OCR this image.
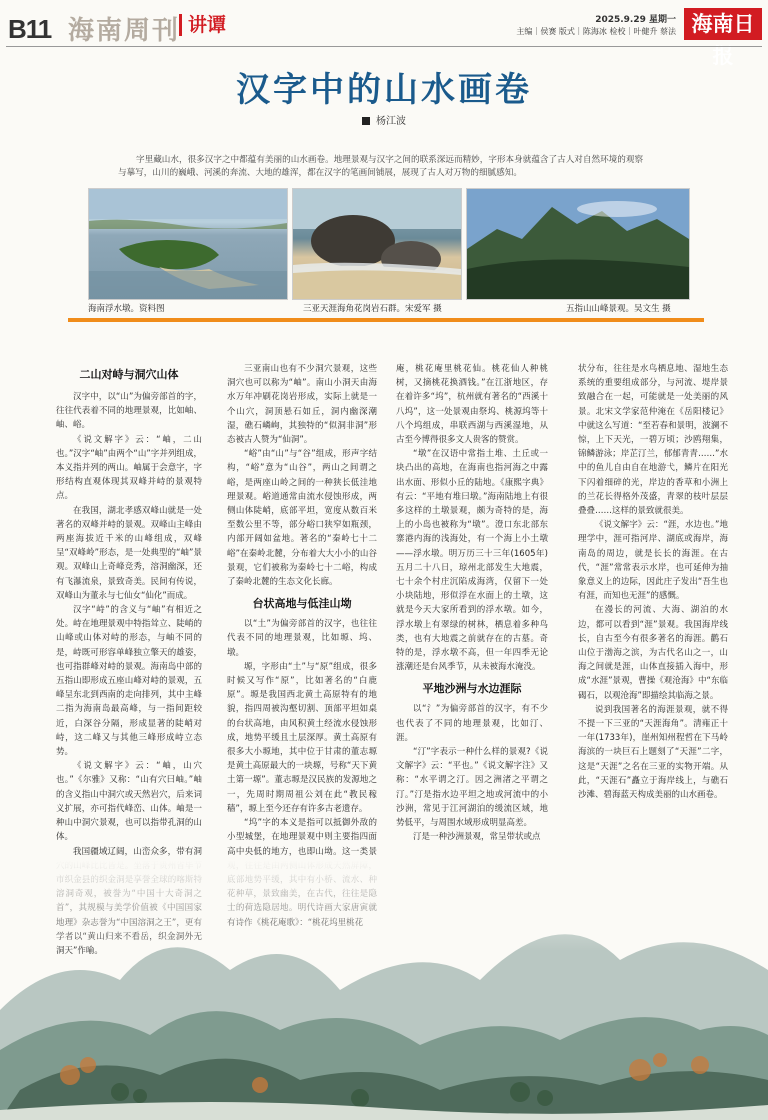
B11 海南周刊 讲谭	2025.9.29 星期一
主编｜侯赛 版式｜陈海冰 检校｜叶健升 蔡法 海南日报
汉字中的山水画卷
杨江波
字里藏山水，很多汉字之中都蕴有美丽的山水画卷。地理景观与汉字之间的联系深远而精妙，字形本身就蕴含了古人对自然环境的观察与摹写，山川的巍峨、河溪的奔流、大地的雄浑，都在汉字的笔画间铺展，展现了古人对万物的细腻感知。
海南浮水墩。资料图	三亚天涯海角花岗岩石群。宋爱军 摄	五指山山峰景观。吴文生 摄
二山对峙与洞穴山体

汉字中，以“山”为偏旁部首的字，往往代表着不同的地理景观，比如岫、岫、峪。

《说文解字》云：“岫，二山也。”汉字“岫”由两个“山”字并列组成，本义指并列的两山。岫属于会意字，字形结构直观体现其双峰并峙的景观特点。

在我国，湖北孝感双峰山就是一处著名的双峰并峙的景观。双峰山主峰由两座海拔近千米的山峰组成，双峰呈“双峰岭”形态，是一处典型的“岫”景观。双峰山上奇峰竞秀，溶洞幽深，还有飞瀑流泉，景致奇美。民间有传说，双峰山为董永与七仙女“仙化”而成。

汉字“峙”的含义与“岫”有相近之处。峙在地理景观中特指耸立、陡峭的山峰或山体对峙的形态，与岫不同的是，峙既可形容单峰独立擎天的雄姿，也可指群峰对峙的景观。海南岛中部的五指山即形成五座山峰对峙的景观，五峰呈东北到西南的走向排列，其中主峰二指为海南岛最高峰，与一指间距较近，白深谷分隔，形成显著的陡峭对峙，这二峰又与其他三峰形成峙立态势。

《说文解字》云：“岫，山穴也。”《尔雅》又称：“山有穴曰岫。”岫的含义指山中洞穴或天然岩穴，后来词义扩展，亦可指代峰峦、山体。岫是一种山中洞穴景观，也可以指带孔洞的山体。

我国疆域辽阔，山峦众多，带有洞

三亚南山也有不少洞穴景观，这些洞穴也可以称为“岫”。南山小洞天由海水万年冲刷花岗岩形成，实际上就是一个山穴，洞顶悬石如丘，洞内幽深潮湿，礁石嶙峋，其独特的“似洞非洞”形态被古人赞为“仙洞”。

“峪”由“山”与“谷”组成，形声字结构，“峪”意为“山谷”，两山之间谓之峪，是两座山岭之间的一种狭长低洼地理景观。峪道通常由流水侵蚀形成，两侧山体陡峭，底部平坦，宽度从数百米至数公里不等，部分峪口狭窄如瓶颈，内部开阔如盆地。著名的“秦岭七十二峪”在秦岭北麓，分布着大大小小的山谷景观，它们被称为秦岭七十二峪，构成了秦岭北麓的生态文化长廊。

台状高地与低洼山坳

以“土”为偏旁部首的汉字，也往往代表不同的地理景观，比如塬、坞、墩。

塬，字形由“土”与“原”组成，很多时候又写作“原”，比如著名的“白鹿原”。塬是我国西北黄土高原特有的地貌，指四周被沟壑切割、顶部平坦如桌的台状高地，由风积黄土经流水侵蚀形成，地势平缓且土层深厚。黄土高原有很多大小塬地，其中位于甘肃的董志塬是黄土高原最大的一块塬，号称“天下黄土第一塬”。董志塬是汉民族的发源地之一，先周时期周祖公刘在此“教民稼穑”，塬上至今还存有许多古老遗存。

“坞”字的本义是指可以抵御外敌的小型城堡，在地理景观中则主要指四面高中央低的地方，也即山坳。这一类景

庵，桃花庵里桃花仙。桃花仙人种桃树，又摘桃花换酒钱。”在江浙地区，存在着许多“坞”，杭州就有著名的“西溪十八坞”，这一处景观由祭坞、桃源坞等十八个坞组成，串联西湖与西溪湿地，从古至今博得很多文人贵客的赞赏。

“墩”在汉语中常指土堆、土丘或一块凸出的高地，在海南也指河海之中露出水面、形似小丘的陆地。《康熙字典》有云：“平地有堆曰墩。”海南陆地上有很多这样的土墩景观，颇为奇特的是，海上的小岛也被称为“墩”。澄口东北部东寨港内海的浅海处，有一个海上小土墩——浮水墩。明万历三十三年(1605年)五月二十八日，琼州北部发生大地震，七十余个村庄沉陷成海湾，仅留下一处小块陆地，形似浮在水面上的土墩，这就是今天大家所看到的浮水墩。如今，浮水墩上有翠绿的树林，栖息着多种鸟类，也有大地震之前就存在的古墓。奇特的是，浮水墩不高，但一年四季无论涨潮还是台风季节，从未被海水淹没。

平地沙洲与水边涯际

以“氵”为偏旁部首的汉字，有不少也代表了不同的地理景观，比如汀、涯。

“汀”字表示一种什么样的景观?《说文解字》云：“平也。”《说文解字注》又称：“水平谓之汀。因之洲渚之平谓之汀。”汀是指水边平坦之地或河流中的小沙洲，常见于江河湖泊的缓流区域，地势低平，与周围水域形成明显高差。

汀是一种沙洲景观，常呈带状或点

状分布，往往是水鸟栖息地、湿地生态系统的重要组成部分，与河流、堤岸景致融合在一起，可能就是一处美丽的风景。北宋文学家范仲淹在《岳阳楼记》中就这么写道：“至若春和景明，波澜不惊，上下天光，一碧万顷；沙鸥翔集，锦鳞游泳；岸芷汀兰，郁郁青青……”水中的鱼儿自由自在地游弋，鳞片在阳光下闪着细碎的光，岸边的香草和小洲上的兰花长得格外茂盛，青翠的枝叶层层叠叠……这样的景致就很美。

《说文解字》云：“涯，水边也。”地理学中，涯可指河岸、湖底或海岸，海南岛的周边，就是长长的海涯。在古代，“涯”常常表示水岸，也可延伸为抽象意义上的边际，因此庄子发出“吾生也有涯，而知也无涯”的感慨。

在漫长的河流、大海、湖泊的水边，都可以看到“涯”景观。我国海岸线长，自古至今有很多著名的海涯。鹳石山位于渤海之滨，为古代名山之一，山海之间就是涯，山体直接插入海中，形成“水涯”景观，曹操《观沧海》中“东临碣石，以观沧海”即描绘其临海之景。

说到我国著名的海涯景观，就不得不提一下三亚的“天涯海角”。清雍正十一年(1733年)，崖州知州程哲在下马岭海滨的一块巨石上题刻了“天涯”二字，这是“天涯”之名在三亚的实物开端。从此，“天涯石”矗立于海岸线上，与礁石沙滩、碧海蓝天构成美丽的山水画卷。
